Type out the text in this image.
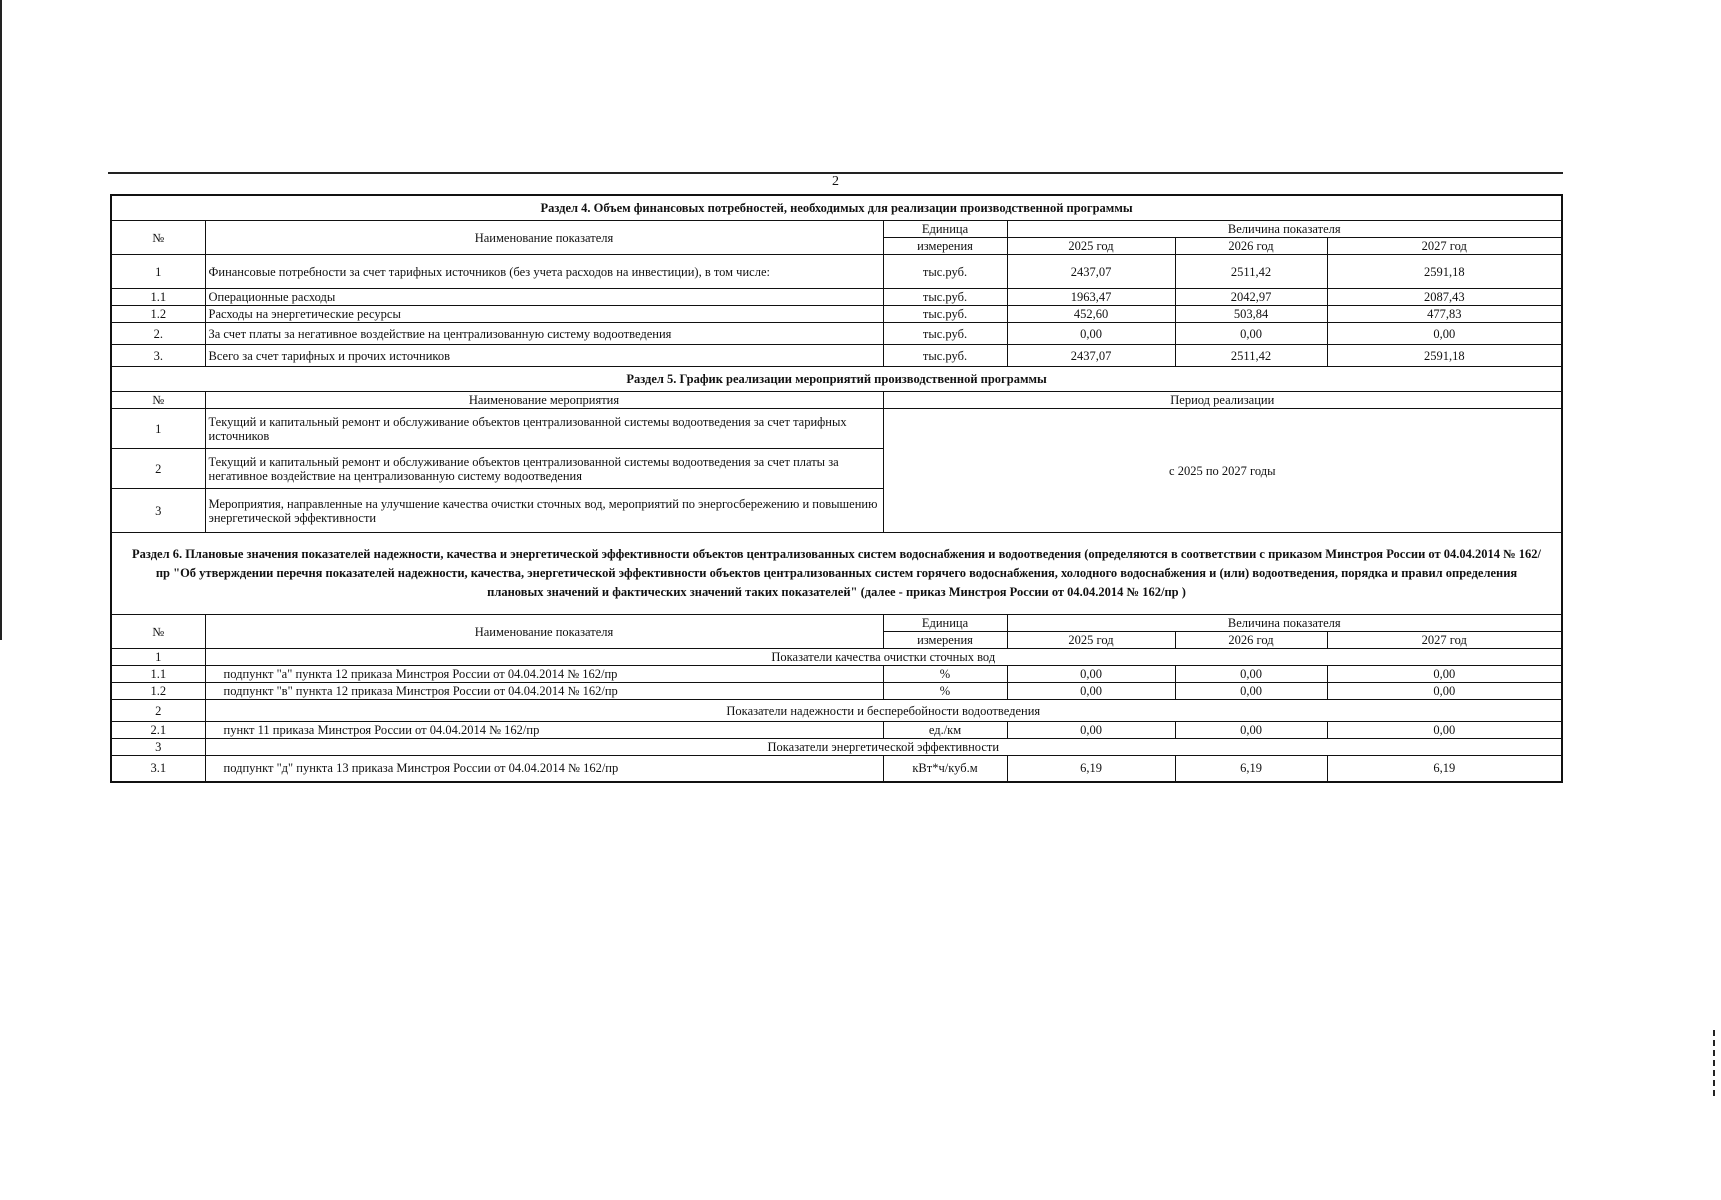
2
Раздел 4. Объем финансовых потребностей, необходимых для реализации производственной программы					
№	Наименование показателя	Единица	Величина показателя		
		измерения	2025 год	2026 год	2027 год
1	Финансовые потребности за счет тарифных источников (без учета расходов на инвестиции), в том числе:	тыс.руб.	2437,07	2511,42	2591,18
1.1	Операционные расходы	тыс.руб.	1963,47	2042,97	2087,43
1.2	Расходы на энергетические ресурсы	тыс.руб.	452,60	503,84	477,83
2.	За счет платы за негативное воздействие на централизованную систему водоотведения	тыс.руб.	0,00	0,00	0,00
3.	Всего за счет тарифных и прочих источников	тыс.руб.	2437,07	2511,42	2591,18
Раздел 5. График реализации мероприятий производственной программы					
№	Наименование мероприятия	Период реализации			
1	Текущий и капитальный ремонт и обслуживание объектов централизованной системы водоотведения за счет тарифных источников	с 2025 по 2027 годы			
2	Текущий и капитальный ремонт и обслуживание объектов централизованной системы водоотведения за счет платы за негативное воздействие на централизованную систему водоотведения				
3	Мероприятия, направленные на улучшение качества очистки сточных вод, мероприятий по энергосбережению и повышению энергетической эффективности				
Раздел 6. Плановые значения показателей надежности, качества и энергетической эффективности объектов централизованных систем водоснабжения и водоотведения (определяются в соответствии с приказом Минстроя России от 04.04.2014 № 162/пр "Об утверждении перечня показателей надежности, качества, энергетической эффективности объектов централизованных систем горячего водоснабжения, холодного водоснабжения и (или) водоотведения, порядка и правил определения плановых значений и фактических значений таких показателей" (далее - приказ Минстроя России от 04.04.2014 № 162/пр )					
№	Наименование показателя	Единица	Величина показателя		
		измерения	2025 год	2026 год	2027 год
1	Показатели качества очистки сточных вод				
1.1	подпункт "а" пункта 12 приказа Минстроя России от 04.04.2014 № 162/пр	%	0,00	0,00	0,00
1.2	подпункт "в" пункта 12 приказа Минстроя России от 04.04.2014 № 162/пр	%	0,00	0,00	0,00
2	Показатели надежности и бесперебойности водоотведения				
2.1	пункт 11 приказа Минстроя России от 04.04.2014 № 162/пр	ед./км	0,00	0,00	0,00
3	Показатели энергетической эффективности				
3.1	подпункт "д" пункта 13 приказа Минстроя России от 04.04.2014 № 162/пр	кВт*ч/куб.м	6,19	6,19	6,19
